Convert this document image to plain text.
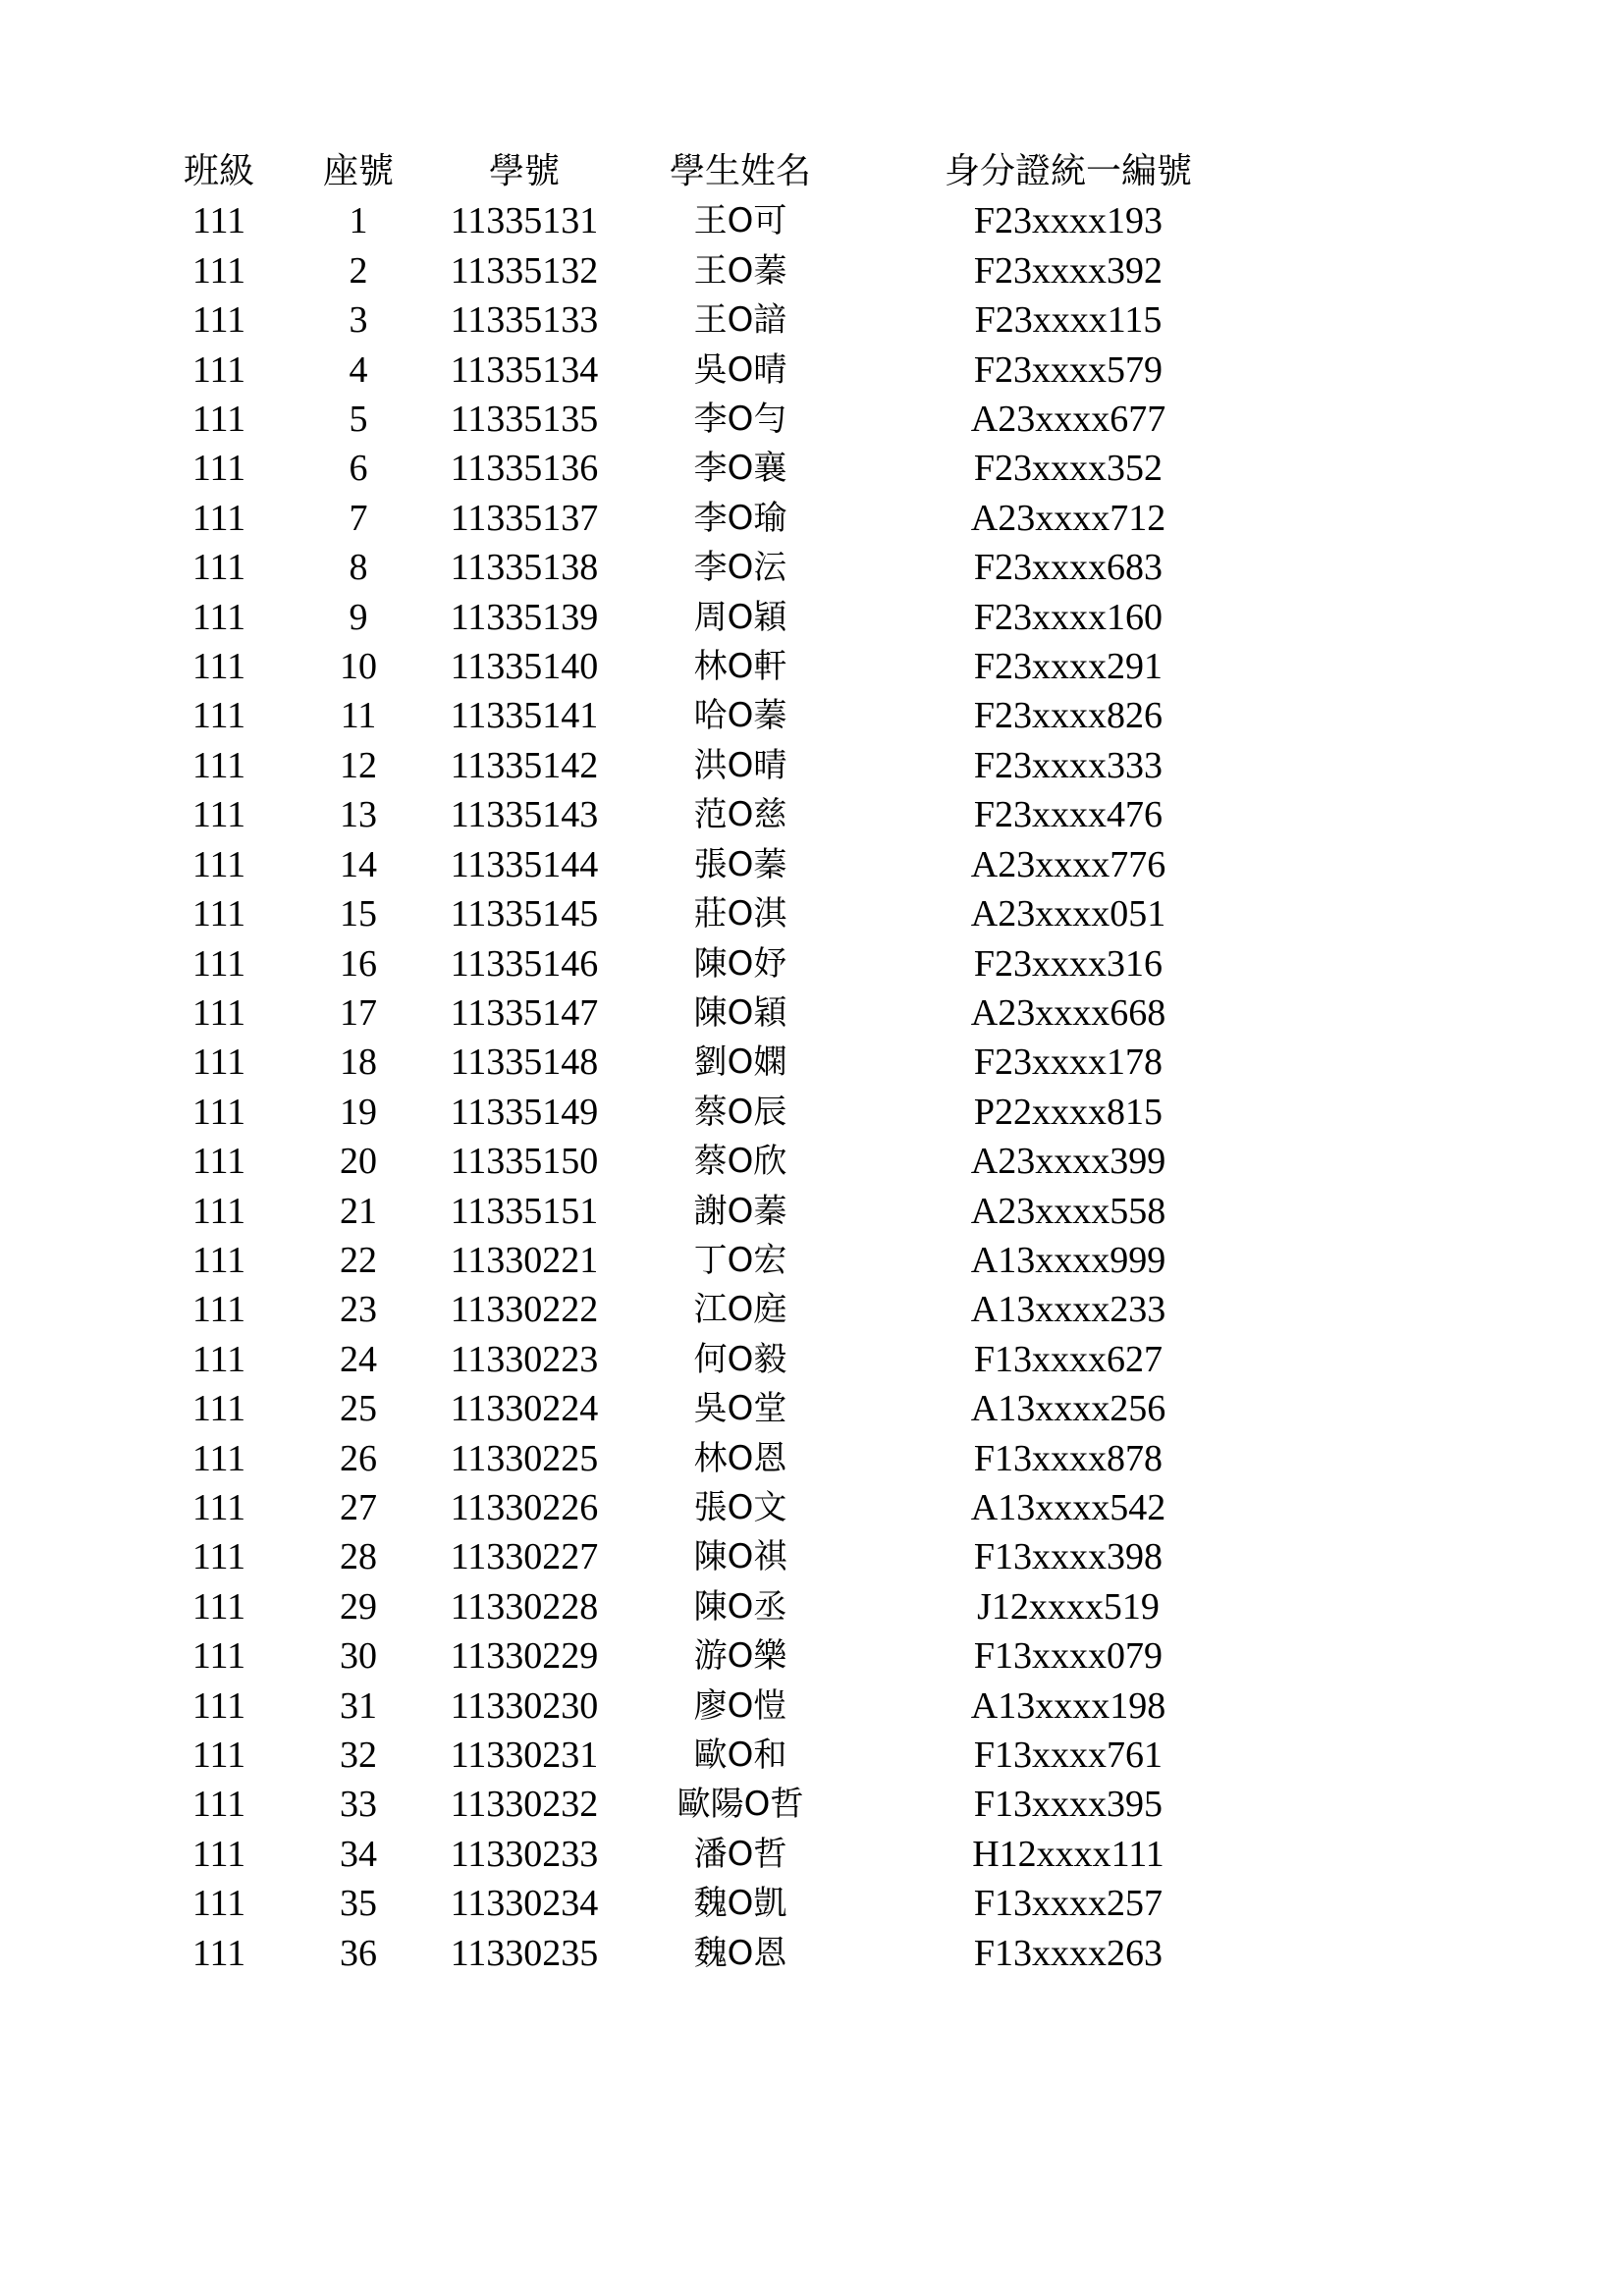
班級	座號	學號	學生姓名	身分證統一編號
111	1	11335131	王O可	F23xxxx193
111	2	11335132	王O蓁	F23xxxx392
111	3	11335133	王O諳	F23xxxx115
111	4	11335134	吳O晴	F23xxxx579
111	5	11335135	李O勻	A23xxxx677
111	6	11335136	李O襄	F23xxxx352
111	7	11335137	李O瑜	A23xxxx712
111	8	11335138	李O沄	F23xxxx683
111	9	11335139	周O穎	F23xxxx160
111	10	11335140	林O軒	F23xxxx291
111	11	11335141	哈O蓁	F23xxxx826
111	12	11335142	洪O晴	F23xxxx333
111	13	11335143	范O慈	F23xxxx476
111	14	11335144	張O蓁	A23xxxx776
111	15	11335145	莊O淇	A23xxxx051
111	16	11335146	陳O妤	F23xxxx316
111	17	11335147	陳O穎	A23xxxx668
111	18	11335148	劉O嫻	F23xxxx178
111	19	11335149	蔡O辰	P22xxxx815
111	20	11335150	蔡O欣	A23xxxx399
111	21	11335151	謝O蓁	A23xxxx558
111	22	11330221	丁O宏	A13xxxx999
111	23	11330222	江O庭	A13xxxx233
111	24	11330223	何O毅	F13xxxx627
111	25	11330224	吳O堂	A13xxxx256
111	26	11330225	林O恩	F13xxxx878
111	27	11330226	張O文	A13xxxx542
111	28	11330227	陳O祺	F13xxxx398
111	29	11330228	陳O丞	J12xxxx519
111	30	11330229	游O樂	F13xxxx079
111	31	11330230	廖O愷	A13xxxx198
111	32	11330231	歐O和	F13xxxx761
111	33	11330232	歐陽O哲	F13xxxx395
111	34	11330233	潘O哲	H12xxxx111
111	35	11330234	魏O凱	F13xxxx257
111	36	11330235	魏O恩	F13xxxx263
